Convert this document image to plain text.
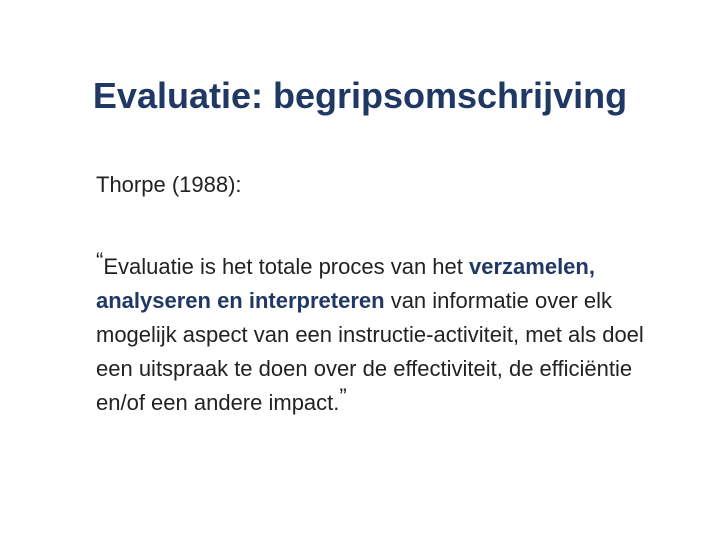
Evaluatie: begripsomschrijving
Thorpe (1988):
“Evaluatie is het totale proces van het verzamelen, analyseren en interpreteren van informatie over elk mogelijk aspect van een instructie-activiteit, met als doel een uitspraak te doen over de effectiviteit, de efficiëntie en/of een andere impact.”
